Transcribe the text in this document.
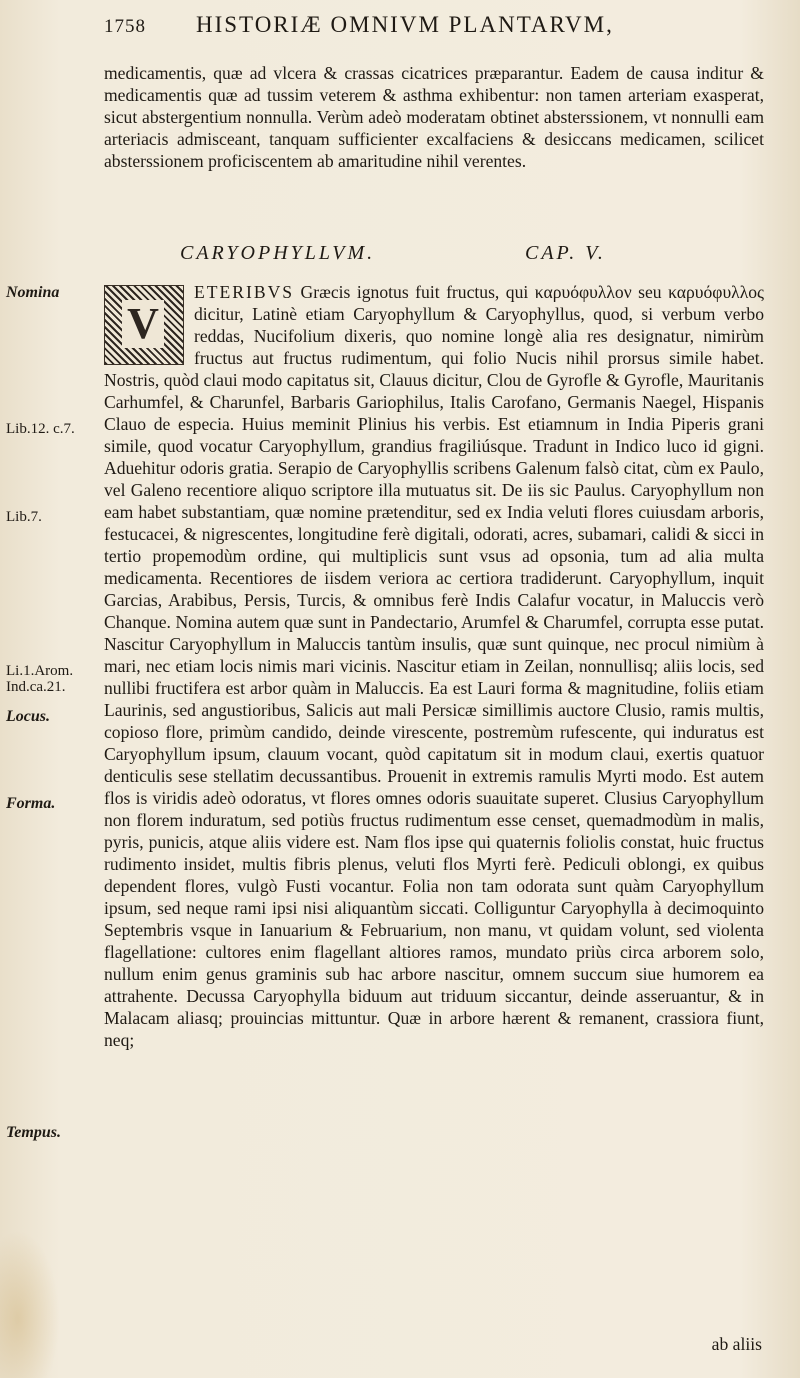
1758 HISTORIÆ OMNIVM PLANTARVM,

medicamentis, quæ ad vlcera & crassas cicatrices præparantur. Eadem de causa inditur & medicamentis quæ ad tussim veterem & asthma exhibentur: non tamen arteriam exasperat, sicut abstergentium nonnulla. Verùm adeò moderatam obtinet absterssionem, vt nonnulli eam arteriacis admisceant, tanquam sufficienter excalfaciens & desiccans medicamen, scilicet absterssionem proficiscentem ab amaritudine nihil verentes.

CARYOPHYLLVM.	CAP. V.
V

ETERIBVS Græcis ignotus fuit fructus, qui καρυόφυλλον seu καρυόφυλλος dicitur, Latinè etiam Caryophyllum & Caryophyllus, quod, si verbum verbo reddas, Nucifolium dixeris, quo nomine longè alia res designatur, nimirùm fructus aut fructus rudimentum, qui folio Nucis nihil prorsus simile habet. Nostris, quòd claui modo capitatus sit, Clauus dicitur, Clou de Gyrofle & Gyrofle, Mauritanis Carhumfel, & Charunfel, Barbaris Gariophilus, Italis Carofano, Germanis Naegel, Hispanis Clauo de especia. Huius meminit Plinius his verbis. Est etiamnum in India Piperis grani simile, quod vocatur Caryophyllum, grandius fragiliúsque. Tradunt in Indico luco id gigni. Aduehitur odoris gratia. Serapio de Caryophyllis scribens Galenum falsò citat, cùm ex Paulo, vel Galeno recentiore aliquo scriptore illa mutuatus sit. De iis sic Paulus. Caryophyllum non eam habet substantiam, quæ nomine prætenditur, sed ex India veluti flores cuiusdam arboris, festucacei, & nigrescentes, longitudine ferè digitali, odorati, acres, subamari, calidi & sicci in tertio propemodùm ordine, qui multiplicis sunt vsus ad opsonia, tum ad alia multa medicamenta. Recentiores de iisdem veriora ac certiora tradiderunt. Caryophyllum, inquit Garcias, Arabibus, Persis, Turcis, & omnibus ferè Indis Calafur vocatur, in Maluccis verò Chanque. Nomina autem quæ sunt in Pandectario, Arumfel & Charumfel, corrupta esse putat. Nascitur Caryophyllum in Maluccis tantùm insulis, quæ sunt quinque, nec procul nimiùm à mari, nec etiam locis nimis mari vicinis. Nascitur etiam in Zeilan, nonnullisq; aliis locis, sed nullibi fructifera est arbor quàm in Maluccis. Ea est Lauri forma & magnitudine, foliis etiam Laurinis, sed angustioribus, Salicis aut mali Persicæ simillimis auctore Clusio, ramis multis, copioso flore, primùm candido, deinde virescente, postremùm rufescente, qui induratus est Caryophyllum ipsum, clauum vocant, quòd capitatum sit in modum claui, exertis quatuor denticulis sese stellatim decussantibus. Prouenit in extremis ramulis Myrti modo. Est autem flos is viridis adeò odoratus, vt flores omnes odoris suauitate superet. Clusius Caryophyllum non florem induratum, sed potiùs fructus rudimentum esse censet, quemadmodùm in malis, pyris, punicis, atque aliis videre est. Nam flos ipse qui quaternis foliolis constat, huic fructus rudimento insidet, multis fibris plenus, veluti flos Myrti ferè. Pediculi oblongi, ex quibus dependent flores, vulgò Fusti vocantur. Folia non tam odorata sunt quàm Caryophyllum ipsum, sed neque rami ipsi nisi aliquantùm siccati. Colliguntur Caryophylla à decimoquinto Septembris vsque in Ianuarium & Februarium, non manu, vt quidam volunt, sed violenta flagellatione: cultores enim flagellant altiores ramos, mundato priùs circa arborem solo, nullum enim genus graminis sub hac arbore nascitur, omnem succum siue humorem ea attrahente. Decussa Caryophylla biduum aut triduum siccantur, deinde asseruantur, & in Malacam aliasq; prouincias mittuntur. Quæ in arbore hærent & remanent, crassiora fiunt, neq;

Nomina
Lib.12. c.7.
Lib.7.
Li.1.Arom. Ind.ca.21.
Locus.
Forma.
Tempus.
ab aliis
